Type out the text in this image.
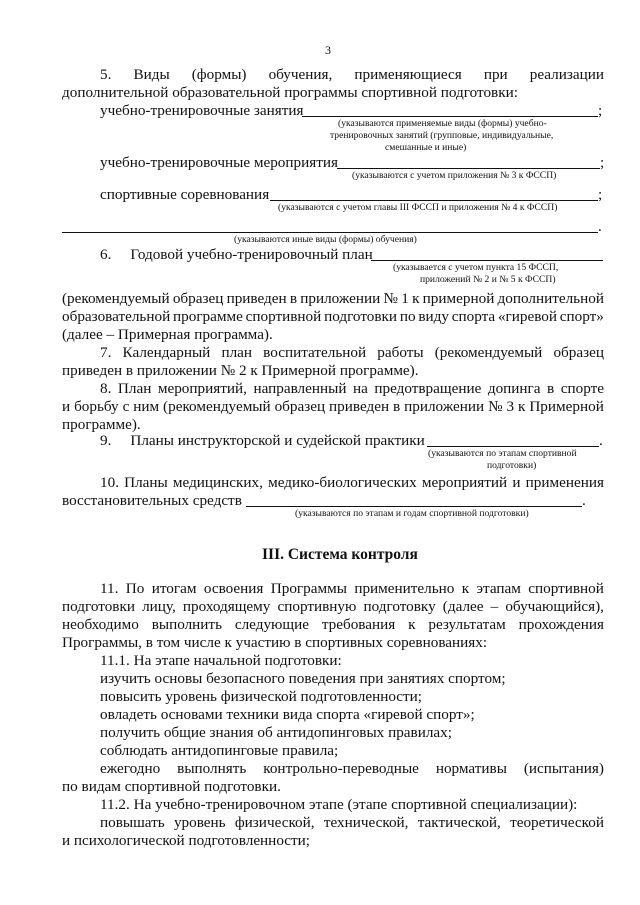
3
5. Виды (формы) обучения, применяющиеся при реализации
дополнительной образовательной программы спортивной подготовки:
учебно-тренировочные занятия	;
(указываются применяемые виды (формы) учебно-
тренировочных занятий (групповые, индивидуальные,
смешанные и иные)
учебно-тренировочные мероприятия	;
(указываются с учетом приложения № 3 к ФССП)
спортивные соревнования	;
(указываются с учетом главы III ФССП и приложения № 4 к ФССП)
.
(указываются иные виды (формы) обучения)
6.     Годовой учебно-тренировочный план
(указывается с учетом пункта 15 ФССП,
приложений № 2 и № 5 к ФССП)
(рекомендуемый образец приведен в приложении № 1 к примерной дополнительной
образовательной программе спортивной подготовки по виду спорта «гиревой спорт»
(далее – Примерная программа).
7. Календарный план воспитательной работы (рекомендуемый образец
приведен в приложении № 2 к Примерной программе).
8. План мероприятий, направленный на предотвращение допинга в спорте
и борьбу с ним (рекомендуемый образец приведен в приложении № 3 к Примерной
программе).
9.     Планы инструкторской и судейской практики	.
(указываются по этапам спортивной
подготовки)
10. Планы медицинских, медико-биологических мероприятий и применения
восстановительных средств	.
(указываются по этапам и годам спортивной подготовки)
III. Система контроля
11. По итогам освоения Программы применительно к этапам спортивной
подготовки лицу, проходящему спортивную подготовку (далее – обучающийся),
необходимо выполнить следующие требования к результатам прохождения
Программы, в том числе к участию в спортивных соревнованиях:
11.1. На этапе начальной подготовки:
изучить основы безопасного поведения при занятиях спортом;
повысить уровень физической подготовленности;
овладеть основами техники вида спорта «гиревой спорт»;
получить общие знания об антидопинговых правилах;
соблюдать антидопинговые правила;
ежегодно выполнять контрольно-переводные нормативы (испытания)
по видам спортивной подготовки.
11.2. На учебно-тренировочном этапе (этапе спортивной специализации):
повышать уровень физической, технической, тактической, теоретической
и психологической подготовленности;
